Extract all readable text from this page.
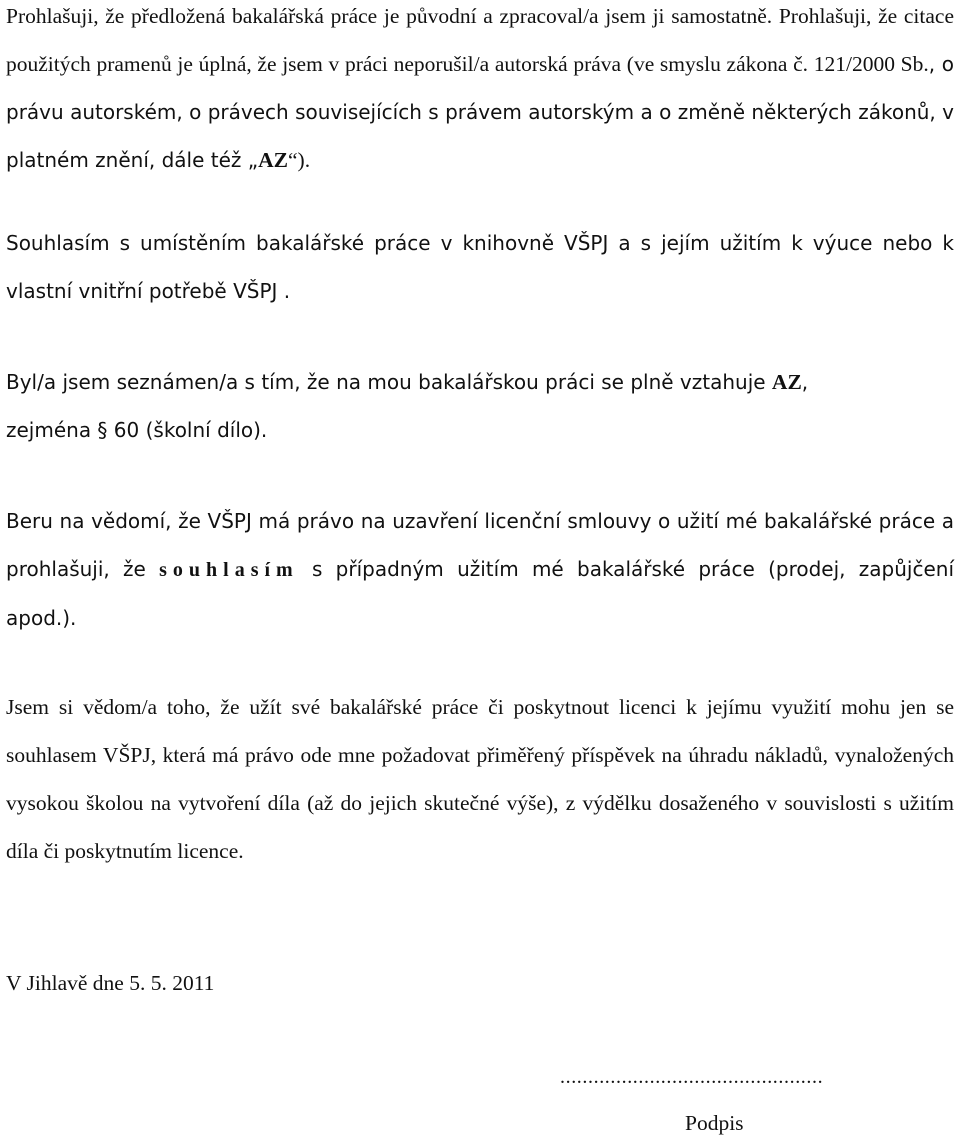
Prohlašuji, že předložená bakalářská práce je původní a zpracoval/a jsem ji samostatně. Prohlašuji, že citace použitých pramenů je úplná, že jsem v práci neporušil/a autorská práva (ve smyslu zákona č. 121/2000 Sb., o právu autorském, o právech souvisejících s právem autorským a o změně některých zákonů, v platném znění, dále též „AZ“).

Souhlasím s umístěním bakalářské práce v knihovně VŠPJ a s jejím užitím k výuce nebo k vlastní vnitřní potřebě VŠPJ .

Byl/a jsem seznámen/a s tím, že na mou bakalářskou práci se plně vztahuje AZ,
zejména § 60 (školní dílo).

Beru na vědomí, že VŠPJ má právo na uzavření licenční smlouvy o užití mé bakalářské práce a prohlašuji, že souhlasím s případným užitím mé bakalářské práce (prodej, zapůjčení apod.).

Jsem si vědom/a toho, že užít své bakalářské práce či poskytnout licenci k jejímu využití mohu jen se souhlasem VŠPJ, která má právo ode mne požadovat přiměřený příspěvek na úhradu nákladů, vynaložených vysokou školou na vytvoření díla (až do jejich skutečné výše), z výdělku dosaženého v souvislosti s užitím díla či poskytnutím licence.

V Jihlavě dne 5. 5. 2011

...............................................
Podpis
